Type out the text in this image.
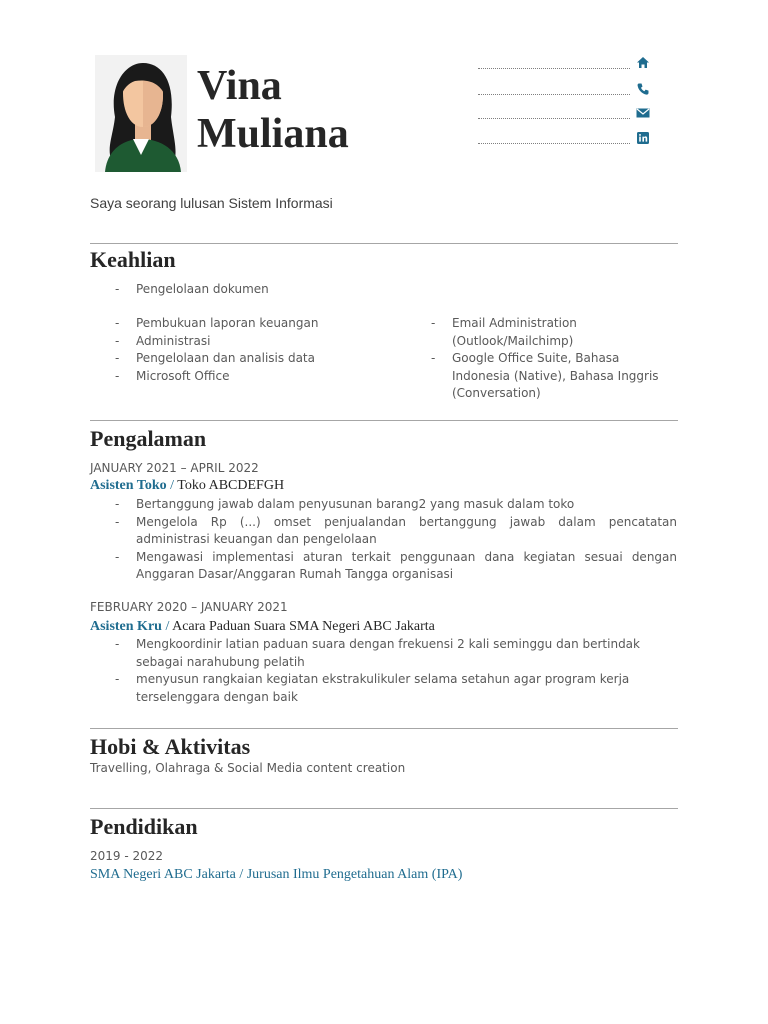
Vina
Muliana
Saya seorang lulusan Sistem Informasi
Keahlian
- Pengelolaan dokumen
- Pembukuan laporan keuangan
- Administrasi
- Pengelolaan dan analisis data
- Microsoft Office
- Email Administration (Outlook/Mailchimp)
- Google Office Suite, Bahasa Indonesia (Native), Bahasa Inggris (Conversation)
Pengalaman
JANUARY 2021 – APRIL 2022
Asisten Toko / Toko ABCDEFGH
- Bertanggung jawab dalam penyusunan barang2 yang masuk dalam toko
- Mengelola Rp (...) omset penjualandan bertanggung jawab dalam pencatatan administrasi keuangan dan pengelolaan
- Mengawasi implementasi aturan terkait penggunaan dana kegiatan sesuai dengan Anggaran Dasar/Anggaran Rumah Tangga organisasi
FEBRUARY 2020 – JANUARY 2021
Asisten Kru / Acara Paduan Suara SMA Negeri ABC Jakarta
- Mengkoordinir latian paduan suara dengan frekuensi 2 kali seminggu dan bertindak sebagai narahubung pelatih
- menyusun rangkaian kegiatan ekstrakulikuler selama setahun agar program kerja terselenggara dengan baik
Hobi & Aktivitas
Travelling, Olahraga & Social Media content creation
Pendidikan
2019 - 2022
SMA Negeri ABC Jakarta / Jurusan Ilmu Pengetahuan Alam (IPA)
